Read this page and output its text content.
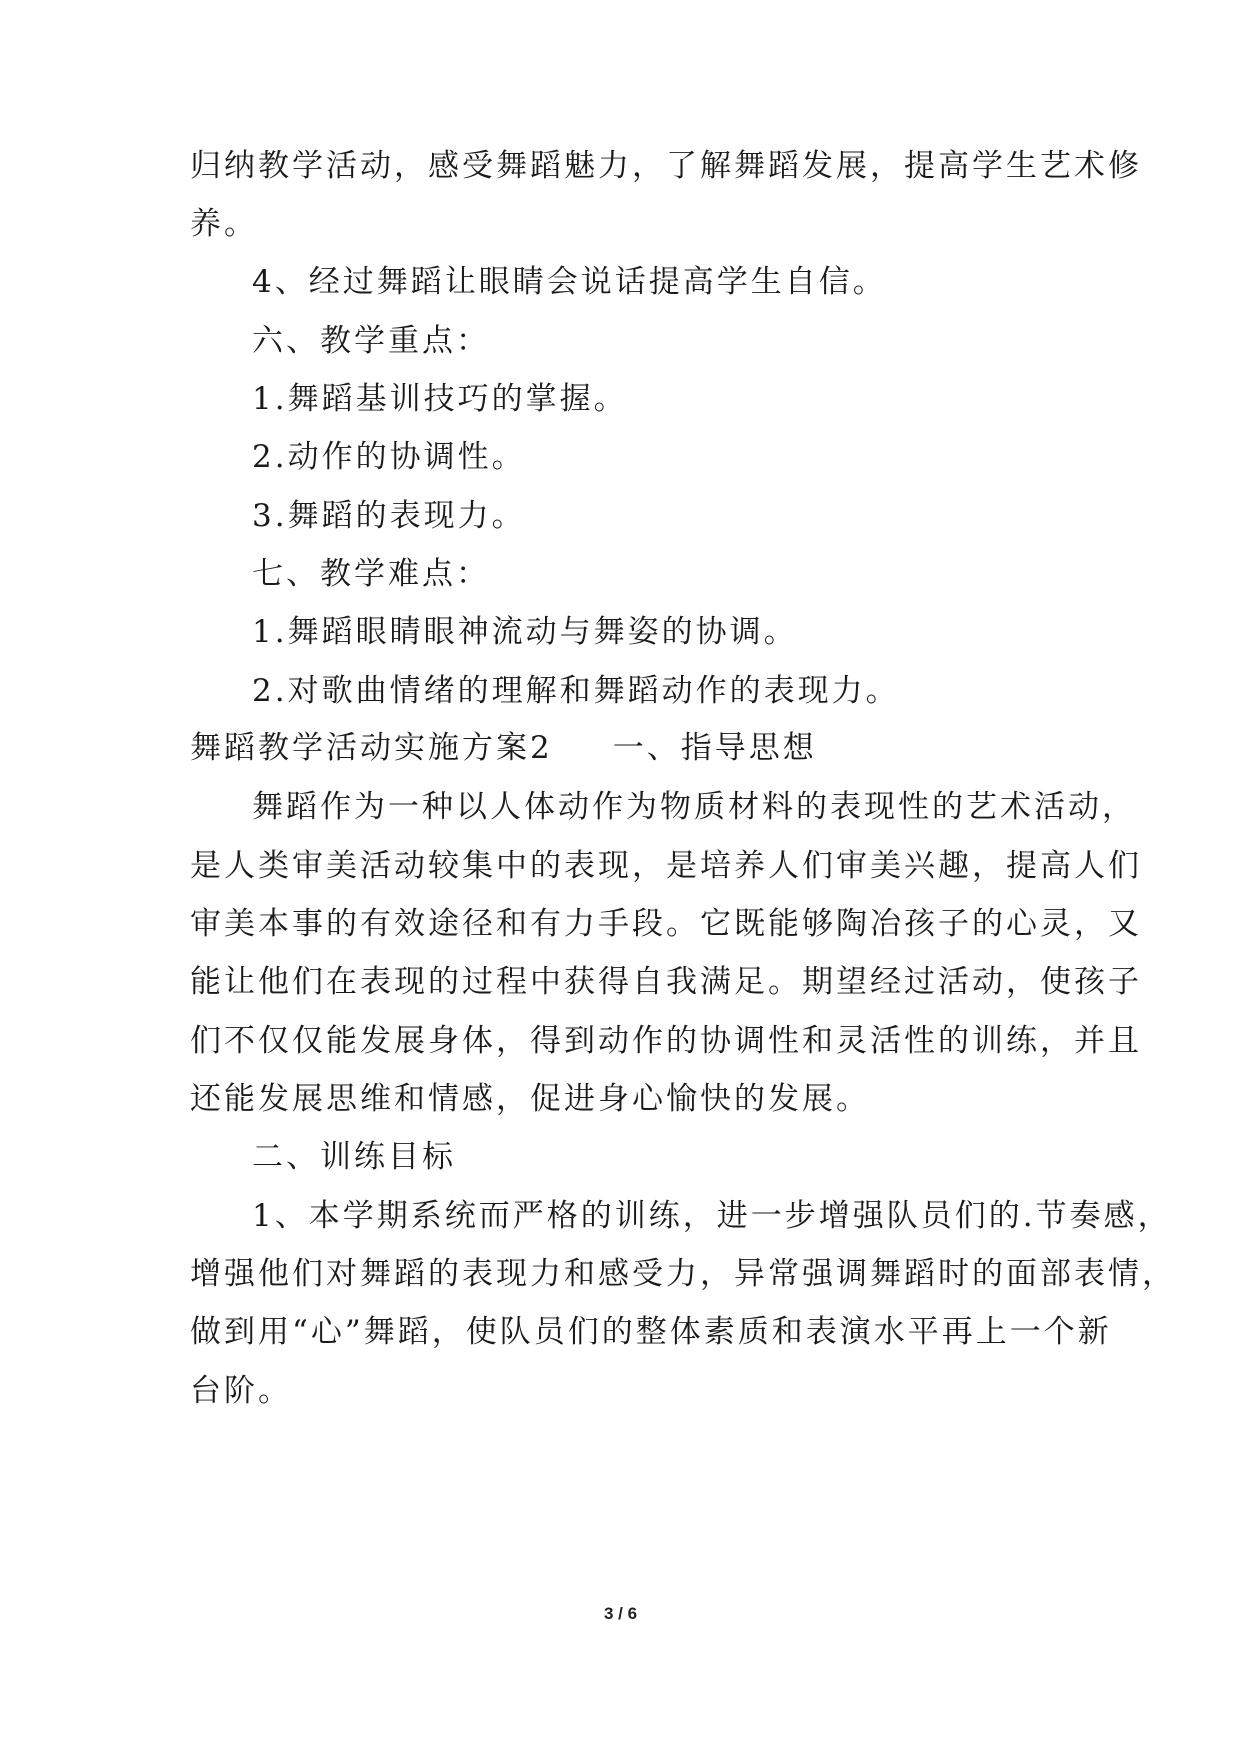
归纳教学活动，感受舞蹈魅力，了解舞蹈发展，提高学生艺术修
养。
4、经过舞蹈让眼睛会说话提高学生自信。
六、教学重点：
1.舞蹈基训技巧的掌握。
2.动作的协调性。
3.舞蹈的表现力。
七、教学难点：
1.舞蹈眼睛眼神流动与舞姿的协调。
2.对歌曲情绪的理解和舞蹈动作的表现力。
舞蹈教学活动实施方案2 一、指导思想
舞蹈作为一种以人体动作为物质材料的表现性的艺术活动，
是人类审美活动较集中的表现，是培养人们审美兴趣，提高人们
审美本事的有效途径和有力手段。它既能够陶冶孩子的心灵，又
能让他们在表现的过程中获得自我满足。期望经过活动，使孩子
们不仅仅能发展身体，得到动作的协调性和灵活性的训练，并且
还能发展思维和情感，促进身心愉快的发展。
二、训练目标
1、本学期系统而严格的训练，进一步增强队员们的.节奏感，
增强他们对舞蹈的表现力和感受力，异常强调舞蹈时的面部表情，
做到用“心”舞蹈，使队员们的整体素质和表演水平再上一个新
台阶。
3 / 6
